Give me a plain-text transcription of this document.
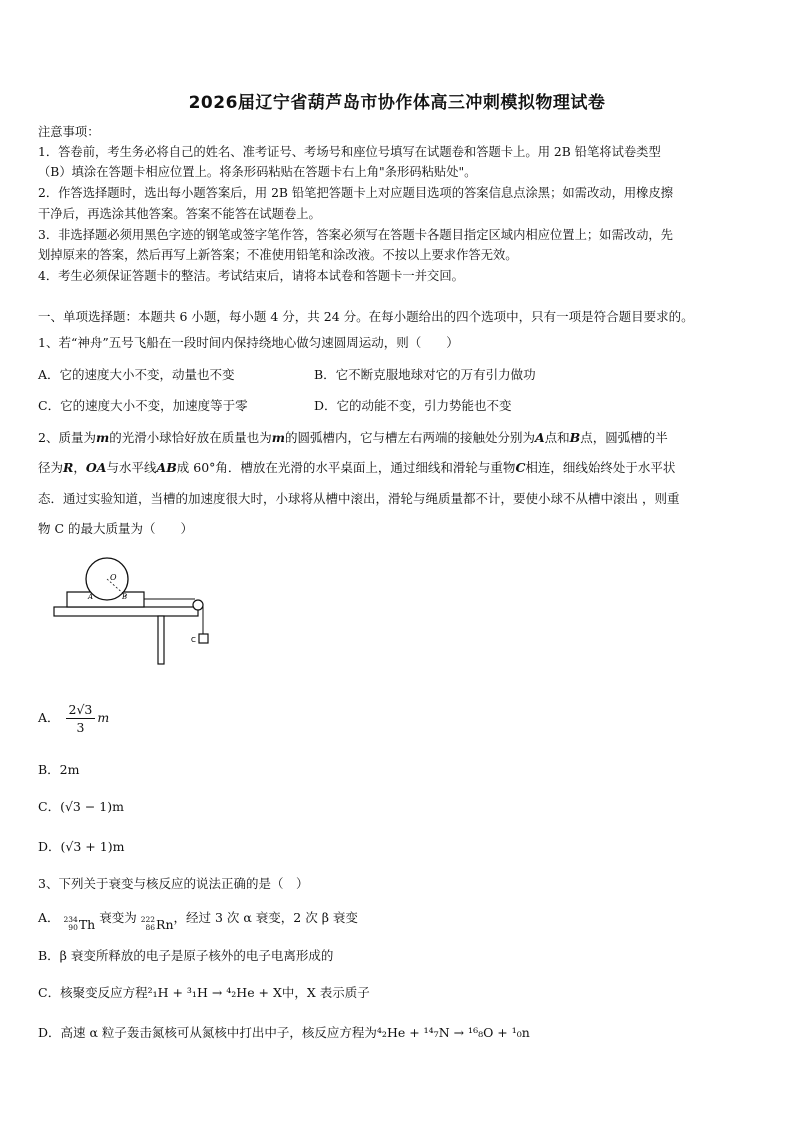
2026届辽宁省葫芦岛市协作体高三冲刺模拟物理试卷
注意事项：
1．答卷前，考生务必将自己的姓名、准考证号、考场号和座位号填写在试题卷和答题卡上。用 2B 铅笔将试卷类型
（B）填涂在答题卡相应位置上。将条形码粘贴在答题卡右上角"条形码粘贴处"。
2．作答选择题时，选出每小题答案后，用 2B 铅笔把答题卡上对应题目选项的答案信息点涂黑；如需改动，用橡皮擦
干净后，再选涂其他答案。答案不能答在试题卷上。
3．非选择题必须用黑色字迹的钢笔或签字笔作答，答案必须写在答题卡各题目指定区域内相应位置上；如需改动，先
划掉原来的答案，然后再写上新答案；不准使用铅笔和涂改液。不按以上要求作答无效。
4．考生必须保证答题卡的整洁。考试结束后，请将本试卷和答题卡一并交回。
一、单项选择题：本题共 6 小题，每小题 4 分，共 24 分。在每小题给出的四个选项中，只有一项是符合题目要求的。
1、若“神舟”五号飞船在一段时间内保持绕地心做匀速圆周运动，则（　　）
A．它的速度大小不变，动量也不变	B．它不断克服地球对它的万有引力做功
C．它的速度大小不变，加速度等于零	D．它的动能不变，引力势能也不变
2、质量为m的光滑小球恰好放在质量也为m的圆弧槽内，它与槽左右两端的接触处分别为A点和B点，圆弧槽的半
径为R，OA与水平线AB成 60°角．槽放在光滑的水平桌面上，通过细线和滑轮与重物C相连，细线始终处于水平状
态．通过实验知道，当槽的加速度很大时，小球将从槽中滚出，滑轮与绳质量都不计，要使小球不从槽中滚出 ，则重
物 C 的最大质量为（　　）
O
A	B
C
A． $\frac{2√3}{3}$ m
B．2m
C．(√3 − 1)m
D．(√3 + 1)m
3、下列关于衰变与核反应的说法正确的是（　）
A． 234
90 Th 衰变为 222
86 Rn ，经过 3 次 α 衰变，2 次 β 衰变
B．β 衰变所释放的电子是原子核外的电子电离形成的
C．核聚变反应方程²₁H + ³₁H → ⁴₂He + X中，X 表示质子
D．高速 α 粒子轰击氮核可从氮核中打出中子，核反应方程为⁴₂He + ¹⁴₇N → ¹⁶₈O + ¹₀n
